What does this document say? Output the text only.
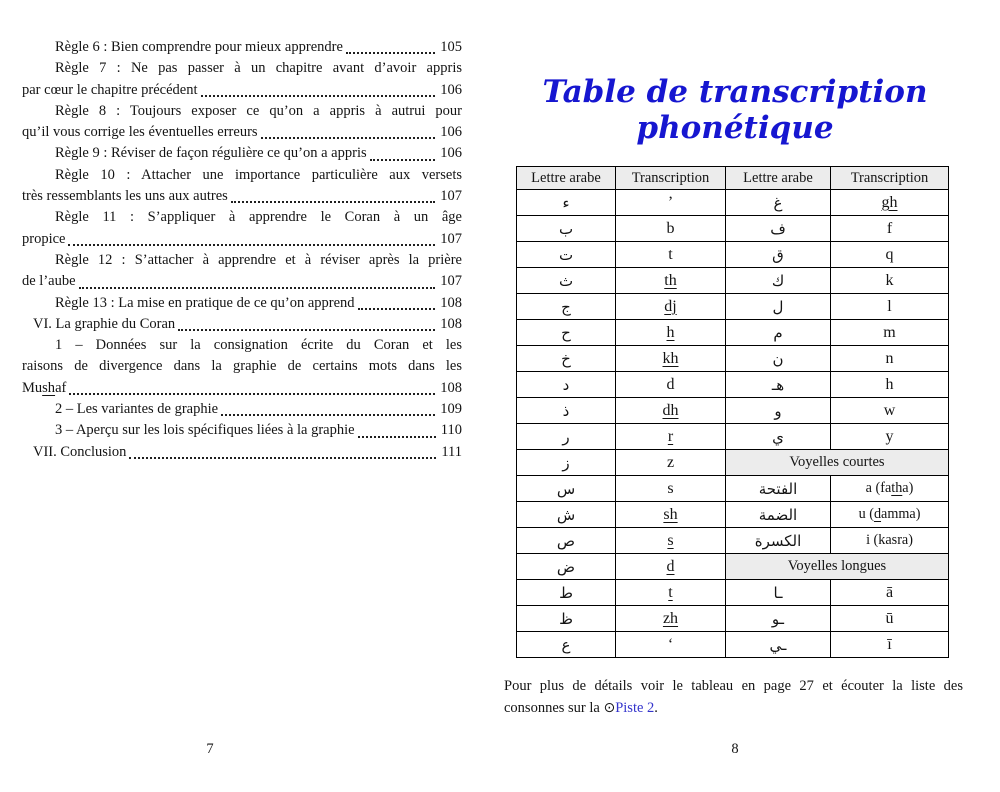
Règle 6 : Bien comprendre pour mieux apprendre	105
Règle 7 : Ne pas passer à un chapitre avant d’avoir appris
par cœur le chapitre précédent	106
Règle 8 : Toujours exposer ce qu’on a appris à autrui pour
qu’il vous corrige les éventuelles erreurs	106
Règle 9 : Réviser de façon régulière ce qu’on a appris	106
Règle 10 : Attacher une importance particulière aux versets
très ressemblants les uns aux autres	107
Règle 11 : S’appliquer à apprendre le Coran à un âge
propice	107
Règle 12 : S’attacher à apprendre et à réviser après la prière
de l’aube	107
Règle 13 : La mise en pratique de ce qu’on apprend	108
VI. La graphie du Coran	108
1 – Données sur la consignation écrite du Coran et les
raisons de divergence dans la graphie de certains mots dans les
Mushaf	108
2 – Les variantes de graphie	109
3 – Aperçu sur les lois spécifiques liées à la graphie	110
VII. Conclusion	111
7
Table de transcription phonétique
Lettre arabe	Transcription	Lettre arabe	Transcription
ء	’	غ	gh
ب	b	ف	f
ت	t	ق	q
ث	th	ك	k
ج	dj	ل	l
ح	h	م	m
خ	kh	ن	n
د	d	هـ	h
ذ	dh	و	w
ر	r	ي	y
ز	z	Voyelles courtes	
س	s	الفتحة	a (fatha)
ش	sh	الضمة	u (damma)
ص	s	الكسرة	i (kasra)
ض	d	Voyelles longues	
ط	t	ـا	ā
ظ	zh	ـو	ū
ع	‘	ـي	ī
Pour plus de détails voir le tableau en page 27 et écouter la liste des
consonnes sur la ⊙Piste 2.
8
